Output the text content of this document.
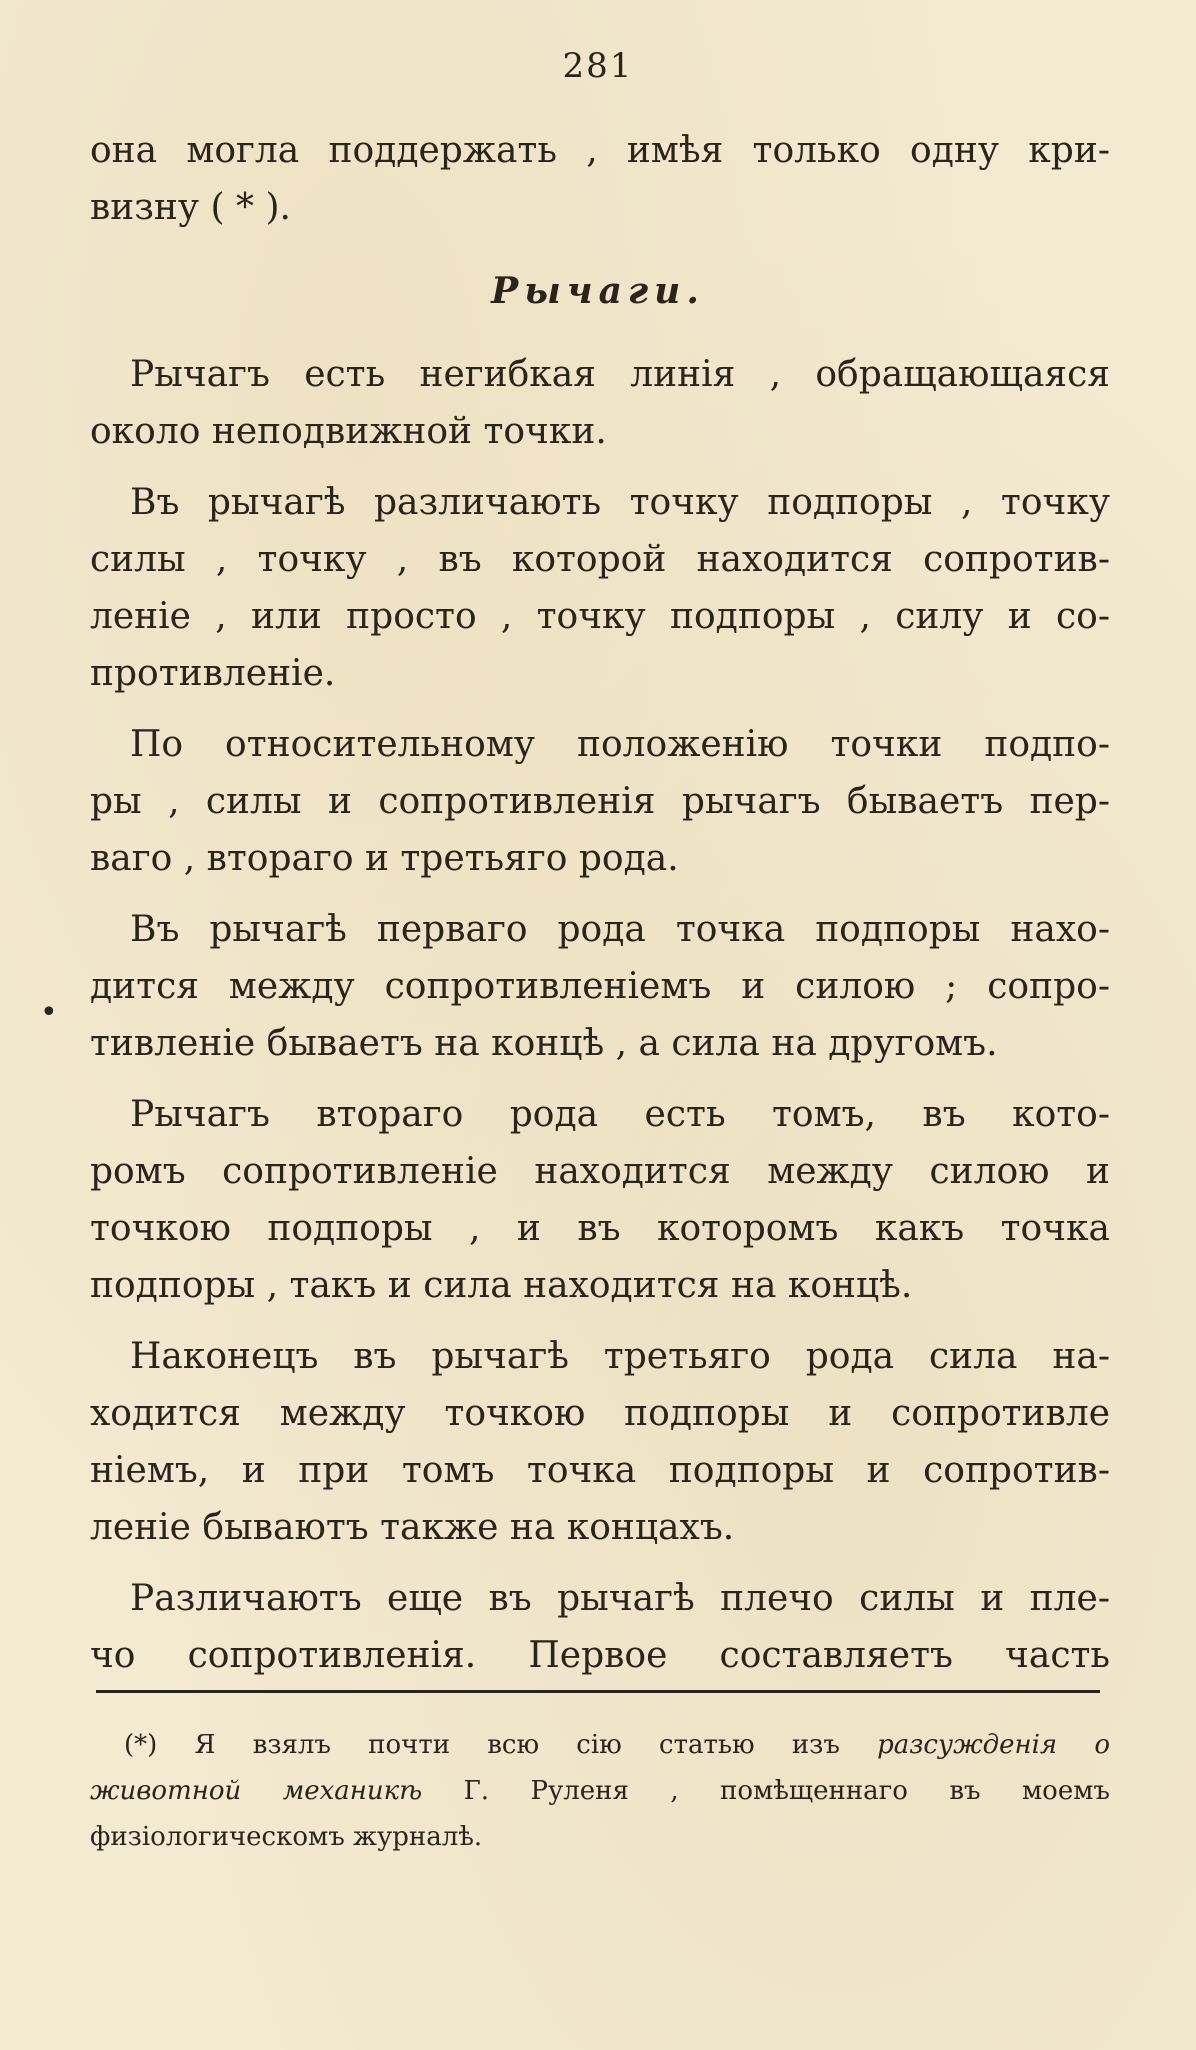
281
она могла поддержать , имѣя только одну кри-
визну ( * ).
Рычаги.
Рычагъ есть негибкая линія , обращающаяся
около неподвижной точки.
Въ рычагѣ различають точку подпоры , точку
силы , точку , въ которой находится сопротив-
леніе , или просто , точку подпоры , силу и со-
противленіе.
По относительному положенію точки подпо-
ры , силы и сопротивленія рычагъ бываетъ пер-
ваго , втораго и третьяго рода.
Въ рычагѣ перваго рода точка подпоры нахо-
дится между сопротивленіемъ и силою ; сопро-
тивленіе бываетъ на концѣ , а сила на другомъ.
Рычагъ втораго рода есть томъ, въ кото-
ромъ сопротивленіе находится между силою и
точкою подпоры , и въ которомъ какъ точка
подпоры , такъ и сила находится на концѣ.
Наконецъ въ рычагѣ третьяго рода сила на-
ходится между точкою подпоры и сопротивле
ніемъ, и при томъ точка подпоры и сопротив-
леніе бываютъ также на концахъ.
Различаютъ еще въ рычагѣ плечо силы и пле-
чо сопротивленія. Первое составляетъ часть
•
(*) Я взялъ почти всю сію статью изъ разсужденія о
животной механикѣ Г. Руленя , помѣщеннаго въ моемъ
физіологическомъ журналѣ.
